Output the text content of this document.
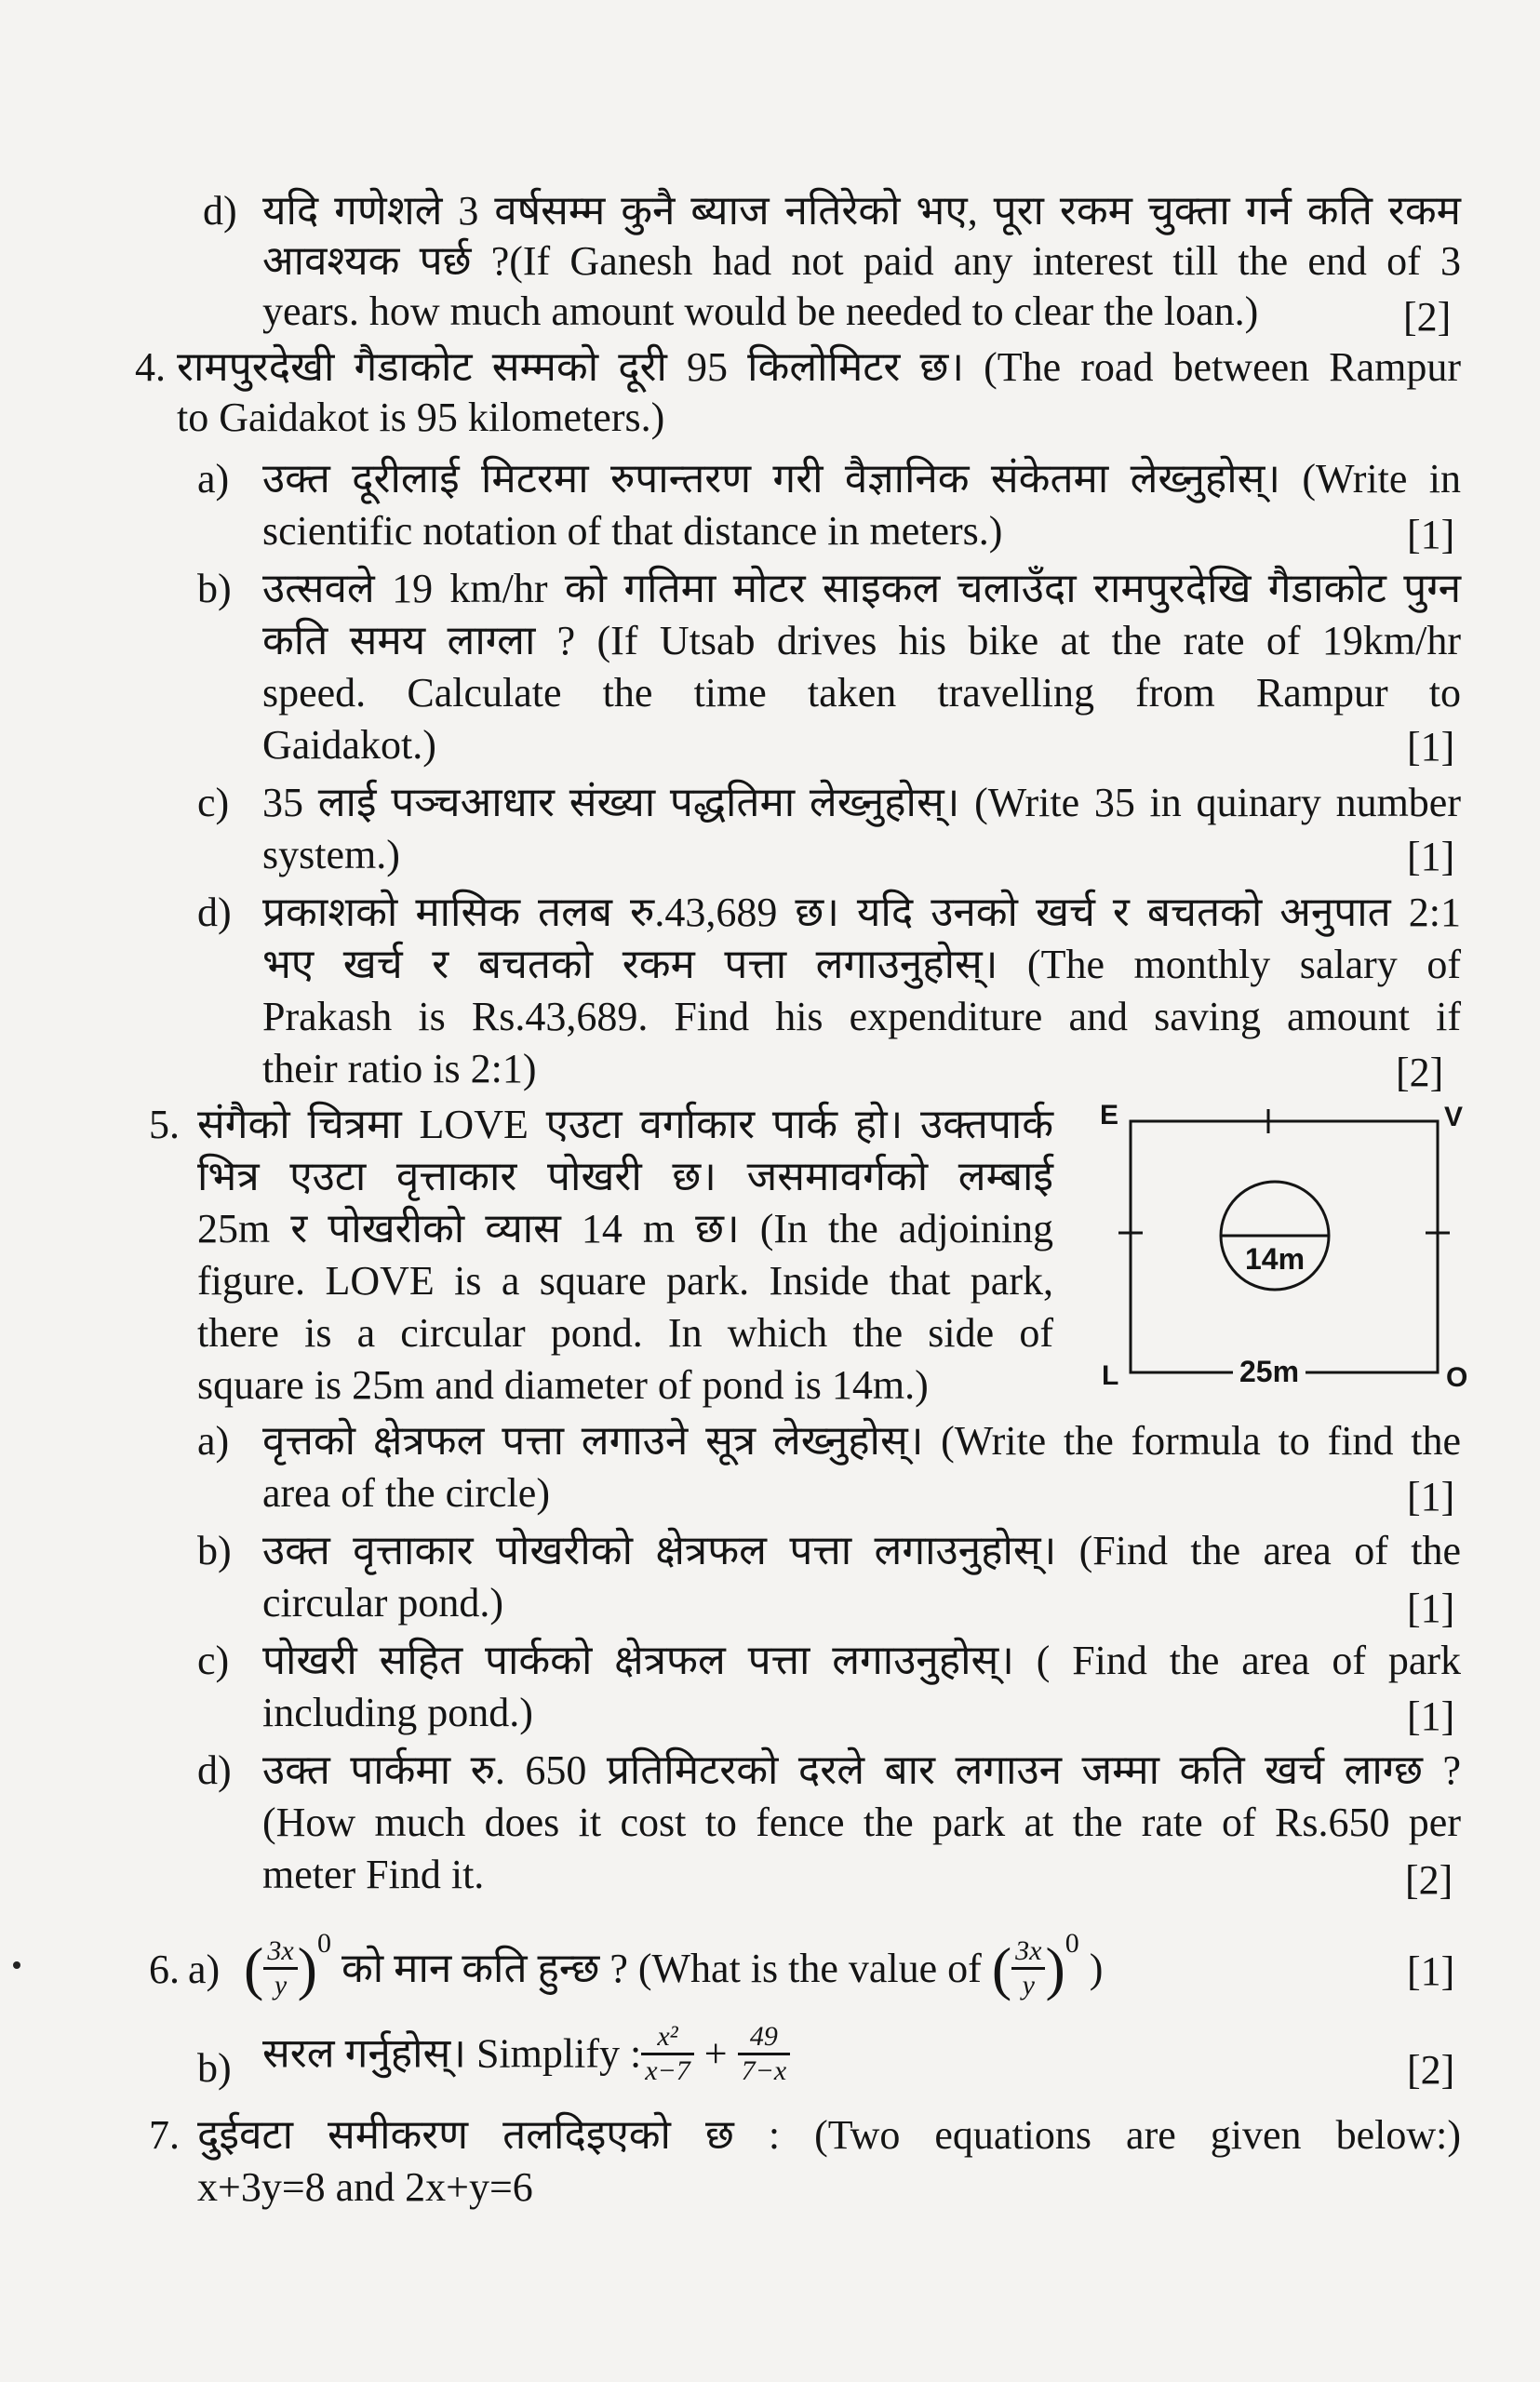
d) यदि गणेशले 3 वर्षसम्म कुनै ब्याज नतिरेको भए, पूरा रकम चुक्ता गर्न कति रकम

आवश्यक पर्छ ?(If Ganesh had not paid any interest till the end of 3

years. how much amount would be needed to clear the loan.)	[2]

4. रामपुरदेखी गैडाकोट सम्मको दूरी 95 किलोमिटर छ। (The road between Rampur

to Gaidakot is 95 kilometers.)

a) उक्त दूरीलाई मिटरमा रुपान्तरण गरी वैज्ञानिक संकेतमा लेख्नुहोस्। (Write in

scientific notation of that distance in meters.)	[1]

b) उत्सवले 19 km/hr को गतिमा मोटर साइकल चलाउँदा रामपुरदेखि गैडाकोट पुग्न

कति समय लाग्ला ? (If Utsab drives his bike at the rate of 19km/hr

speed. Calculate the time taken travelling from Rampur to

Gaidakot.)	[1]

c) 35 लाई पञ्चआधार संख्या पद्धतिमा लेख्नुहोस्। (Write 35 in quinary number

system.)	[1]

d) प्रकाशको मासिक तलब रु.43,689 छ। यदि उनको खर्च र बचतको अनुपात 2:1

भए खर्च र बचतको रकम पत्ता लगाउनुहोस्। (The monthly salary of

Prakash is Rs.43,689. Find his expenditure and saving amount if

their ratio is 2:1)	[2]

5. संगैको चित्रमा LOVE एउटा वर्गाकार पार्क हो। उक्तपार्क

भित्र एउटा वृत्ताकार पोखरी छ। जसमावर्गको लम्बाई

25m र पोखरीको व्यास 14 m छ। (In the adjoining

figure. LOVE is a square park. Inside that park,

there is a circular pond. In which the side of

square is 25m and diameter of pond is 14m.)

E	V
L	O
14m
25m

a) वृत्तको क्षेत्रफल पत्ता लगाउने सूत्र लेख्नुहोस्। (Write the formula to find the

area of the circle)	[1]

b) उक्त वृत्ताकार पोखरीको क्षेत्रफल पत्ता लगाउनुहोस्। (Find the area of the

circular pond.)	[1]

c) पोखरी सहित पार्कको क्षेत्रफल पत्ता लगाउनुहोस्। ( Find the area of park

including pond.)	[1]

d) उक्त पार्कमा रु. 650 प्रतिमिटरको दरले बार लगाउन जम्मा कति खर्च लाग्छ ?

(How much does it cost to fence the park at the rate of Rs.650 per

meter Find it.	[2]

6. a) ( $\frac{3x}{y} )^0$ को मान कति हुन्छ ? (What is the value of ( $\frac{3x}{y} )^0$ )	[1]

b) सरल गर्नुहोस्। Simplify : $\frac{\text{x²}}{x-7} + \frac{49}{7-x}$	[2]

7. दुईवटा समीकरण तलदिइएको छ : (Two equations are given below:)

x+3y=8 and 2x+y=6
